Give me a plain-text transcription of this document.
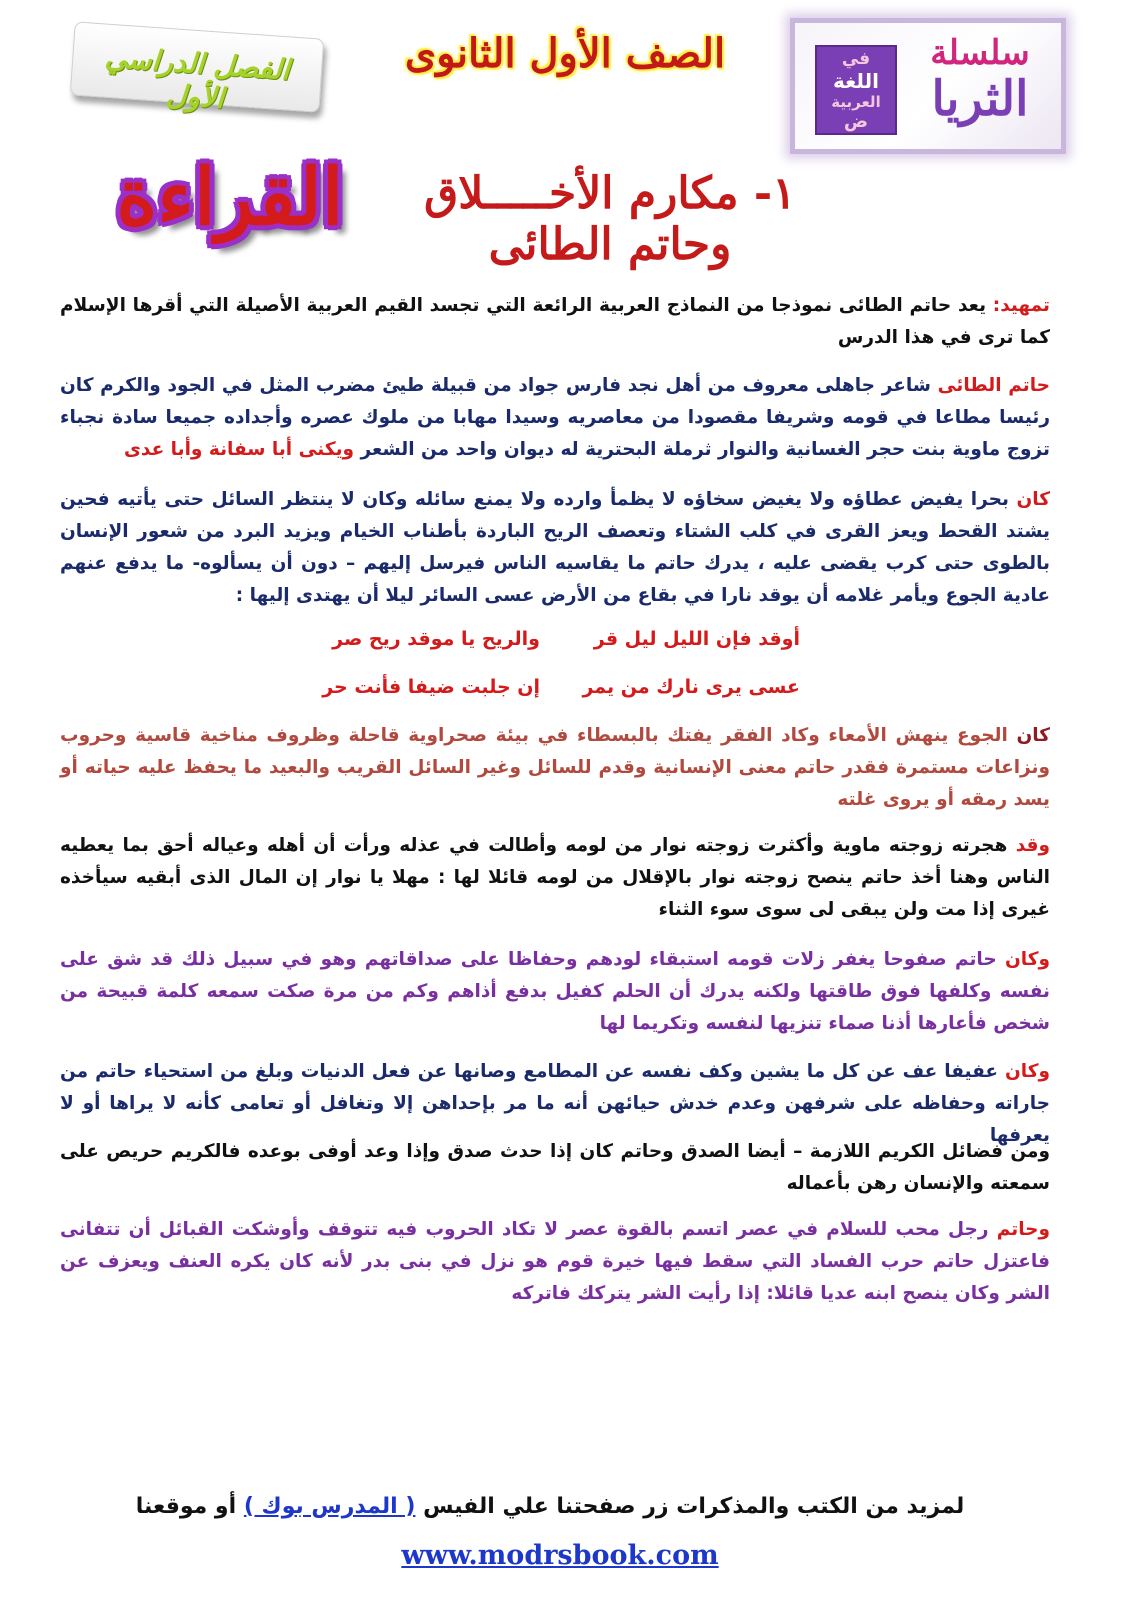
في
اللغة
العربية
ض
سلسلة
الثريا
الصف الأول الثانوى
الفصل الدراسي الأول
القراءة	١- مكارم الأخـــــلاق وحاتم الطائى
تمهيد: يعد حاتم الطائى نموذجا من النماذج العربية الرائعة التي تجسد القيم العربية الأصيلة التي أقرها الإسلام كما ترى في هذا الدرس
حاتم الطائى شاعر جاهلى معروف من أهل نجد فارس جواد من قبيلة طيئ مضرب المثل في الجود والكرم كان رئيسا مطاعا في قومه وشريفا مقصودا من معاصريه وسيدا مهابا من ملوك عصره وأجداده جميعا سادة نجباء تزوج ماوية بنت حجر الغسانية والنوار ثرملة البحترية له ديوان واحد من الشعر ويكنى أبا سفانة وأبا عدى
كان بحرا يفيض عطاؤه ولا يغيض سخاؤه لا يظمأ وارده ولا يمنع سائله وكان لا ينتظر السائل حتى يأتيه فحين يشتد القحط ويعز القرى في كلب الشتاء وتعصف الريح الباردة بأطناب الخيام ويزيد البرد من شعور الإنسان بالطوى حتى كرب يقضى عليه ، يدرك حاتم ما يقاسيه الناس فيرسل إليهم – دون أن يسألوه- ما يدفع عنهم عادية الجوع ويأمر غلامه أن يوقد نارا في بقاع من الأرض عسى السائر ليلا أن يهتدى إليها :
أوقد فإن الليل ليل قر
والريح يا موقد ريح صر
عسى يرى نارك من يمر
إن جلبت ضيفا فأنت حر
كان الجوع ينهش الأمعاء وكاد الفقر يفتك بالبسطاء في بيئة صحراوية قاحلة وظروف مناخية قاسية وحروب ونزاعات مستمرة فقدر حاتم معنى الإنسانية وقدم للسائل وغير السائل القريب والبعيد ما يحفظ عليه حياته أو يسد رمقه أو يروى غلته
وقد هجرته زوجته ماوية وأكثرت زوجته نوار من لومه وأطالت في عذله ورأت أن أهله وعياله أحق بما يعطيه الناس وهنا أخذ حاتم ينصح زوجته نوار بالإقلال من لومه قائلا لها : مهلا يا نوار إن المال الذى أبقيه سيأخذه غيرى إذا مت ولن يبقى لى سوى سوء الثناء
وكان حاتم صفوحا يغفر زلات قومه استبقاء لودهم وحفاظا على صداقاتهم وهو في سبيل ذلك قد شق على نفسه وكلفها فوق طاقتها ولكنه يدرك أن الحلم كفيل بدفع أذاهم وكم من مرة صكت سمعه كلمة قبيحة من شخص فأعارها أذنا صماء تنزيها لنفسه وتكريما لها
وكان عفيفا عف عن كل ما يشين وكف نفسه عن المطامع وصانها عن فعل الدنيات وبلغ من استحياء حاتم من جاراته وحفاظه على شرفهن وعدم خدش حيائهن أنه ما مر بإحداهن إلا وتغافل أو تعامى كأنه لا يراها أو لا يعرفها
ومن فضائل الكريم اللازمة – أيضا الصدق وحاتم كان إذا حدث صدق وإذا وعد أوفى بوعده فالكريم حريص على سمعته والإنسان رهن بأعماله
وحاتم رجل محب للسلام في عصر اتسم بالقوة عصر لا تكاد الحروب فيه تتوقف وأوشكت القبائل أن تتفانى فاعتزل حاتم حرب الفساد التي سقط فيها خيرة قوم هو نزل في بنى بدر لأنه كان يكره العنف ويعزف عن الشر وكان ينصح ابنه عديا قائلا: إذا رأيت الشر يتركك فاتركه
لمزيد من الكتب والمذكرات زر صفحتنا علي الفيس ( المدرس بوك ) أو موقعنا
www.modrsbook.com
